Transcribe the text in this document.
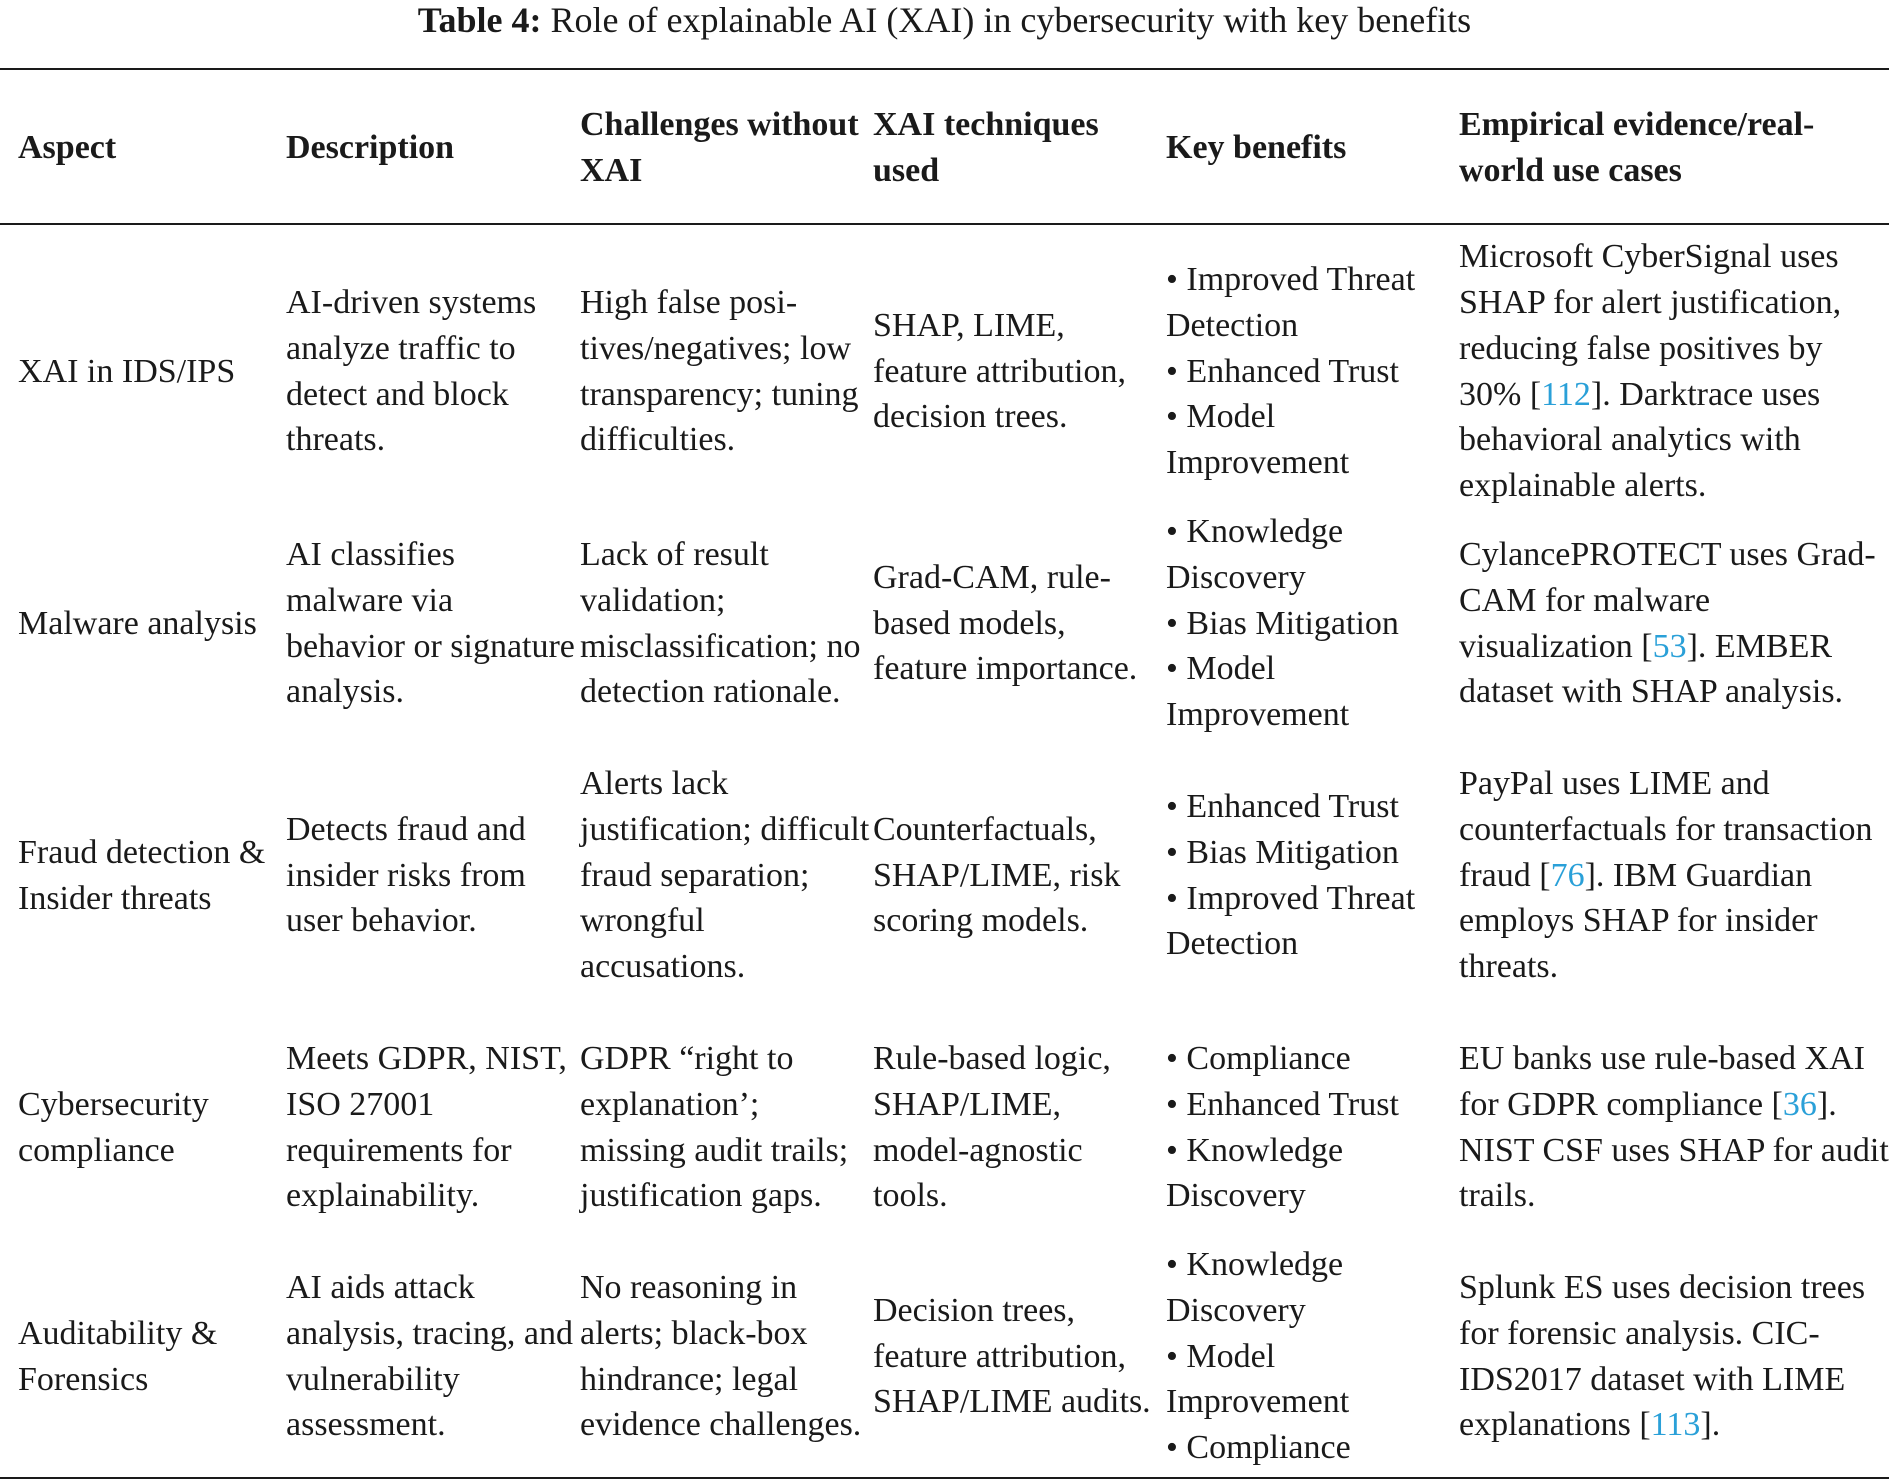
Table 4: Role of explainable AI (XAI) in cybersecurity with key benefits
Aspect	Description
Challenges without XAI
XAI techniques used
Key benefits
Empirical evidence/real-world use cases
XAI in IDS/IPS
AI-driven systems analyze traffic to detect and block threats.
High false posi- tives/negatives; low transparency; tuning difficulties.
SHAP, LIME, feature attribution, decision trees.
• Improved Threat Detection
• Enhanced Trust
• Model Improvement
Microsoft CyberSignal uses SHAP for alert justification, reducing false positives by 30% [112]. Darktrace uses behavioral analytics with explainable alerts.
Malware analysis
AI classifies malware via behavior or signature analysis.
Lack of result validation; misclassification; no detection rationale.
Grad-CAM, rule-based models, feature importance.
• Knowledge Discovery
• Bias Mitigation
• Model Improvement
CylancePROTECT uses Grad-CAM for malware visualization [53]. EMBER dataset with SHAP analysis.
Fraud detection & Insider threats
Detects fraud and insider risks from user behavior.
Alerts lack justification; difficult fraud separation; wrongful accusations.
Counterfactuals, SHAP/LIME, risk scoring models.
• Enhanced Trust
• Bias Mitigation
• Improved Threat Detection
PayPal uses LIME and counterfactuals for transaction fraud [76]. IBM Guardian employs SHAP for insider threats.
Cybersecurity compliance
Meets GDPR, NIST, ISO 27001 requirements for explainability.
GDPR “right to explanation’; missing audit trails; justification gaps.
Rule-based logic, SHAP/LIME, model-agnostic tools.
• Compliance
• Enhanced Trust
• Knowledge Discovery
EU banks use rule-based XAI for GDPR compliance [36]. NIST CSF uses SHAP for audit trails.
Auditability & Forensics
AI aids attack analysis, tracing, and vulnerability assessment.
No reasoning in alerts; black-box hindrance; legal evidence challenges.
Decision trees, feature attribution, SHAP/LIME audits.
• Knowledge Discovery
• Model Improvement
• Compliance
Splunk ES uses decision trees for forensic analysis. CIC-IDS2017 dataset with LIME explanations [113].
